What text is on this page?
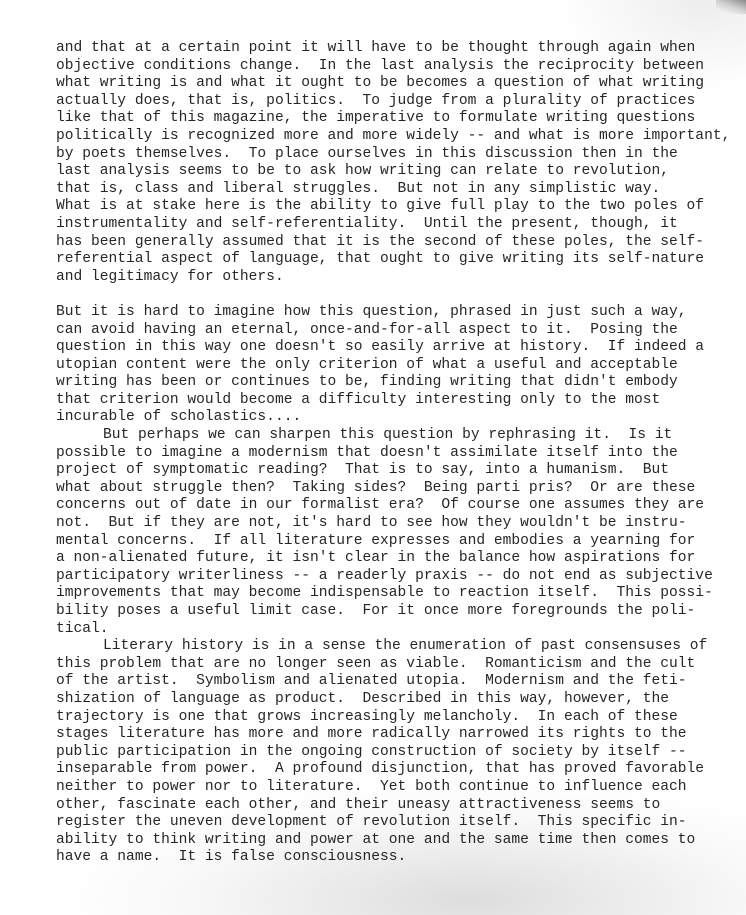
and that at a certain point it will have to be thought through again when
objective conditions change.  In the last analysis the reciprocity between
what writing is and what it ought to be becomes a question of what writing
actually does, that is, politics.  To judge from a plurality of practices
like that of this magazine, the imperative to formulate writing questions
politically is recognized more and more widely -- and what is more important,
by poets themselves.  To place ourselves in this discussion then in the
last analysis seems to be to ask how writing can relate to revolution,
that is, class and liberal struggles.  But not in any simplistic way.
What is at stake here is the ability to give full play to the two poles of
instrumentality and self-referentiality.  Until the present, though, it
has been generally assumed that it is the second of these poles, the self-
referential aspect of language, that ought to give writing its self-nature
and legitimacy for others.
But it is hard to imagine how this question, phrased in just such a way,
can avoid having an eternal, once-and-for-all aspect to it.  Posing the
question in this way one doesn't so easily arrive at history.  If indeed a
utopian content were the only criterion of what a useful and acceptable
writing has been or continues to be, finding writing that didn't embody
that criterion would become a difficulty interesting only to the most
incurable of scholastics....
But perhaps we can sharpen this question by rephrasing it.  Is it
possible to imagine a modernism that doesn't assimilate itself into the
project of symptomatic reading?  That is to say, into a humanism.  But
what about struggle then?  Taking sides?  Being parti pris?  Or are these
concerns out of date in our formalist era?  Of course one assumes they are
not.  But if they are not, it's hard to see how they wouldn't be instru-
mental concerns.  If all literature expresses and embodies a yearning for
a non-alienated future, it isn't clear in the balance how aspirations for
participatory writerliness -- a readerly praxis -- do not end as subjective
improvements that may become indispensable to reaction itself.  This possi-
bility poses a useful limit case.  For it once more foregrounds the poli-
tical.
Literary history is in a sense the enumeration of past consensuses of
this problem that are no longer seen as viable.  Romanticism and the cult
of the artist.  Symbolism and alienated utopia.  Modernism and the feti-
shization of language as product.  Described in this way, however, the
trajectory is one that grows increasingly melancholy.  In each of these
stages literature has more and more radically narrowed its rights to the
public participation in the ongoing construction of society by itself --
inseparable from power.  A profound disjunction, that has proved favorable
neither to power nor to literature.  Yet both continue to influence each
other, fascinate each other, and their uneasy attractiveness seems to
register the uneven development of revolution itself.  This specific in-
ability to think writing and power at one and the same time then comes to
have a name.  It is false consciousness.
